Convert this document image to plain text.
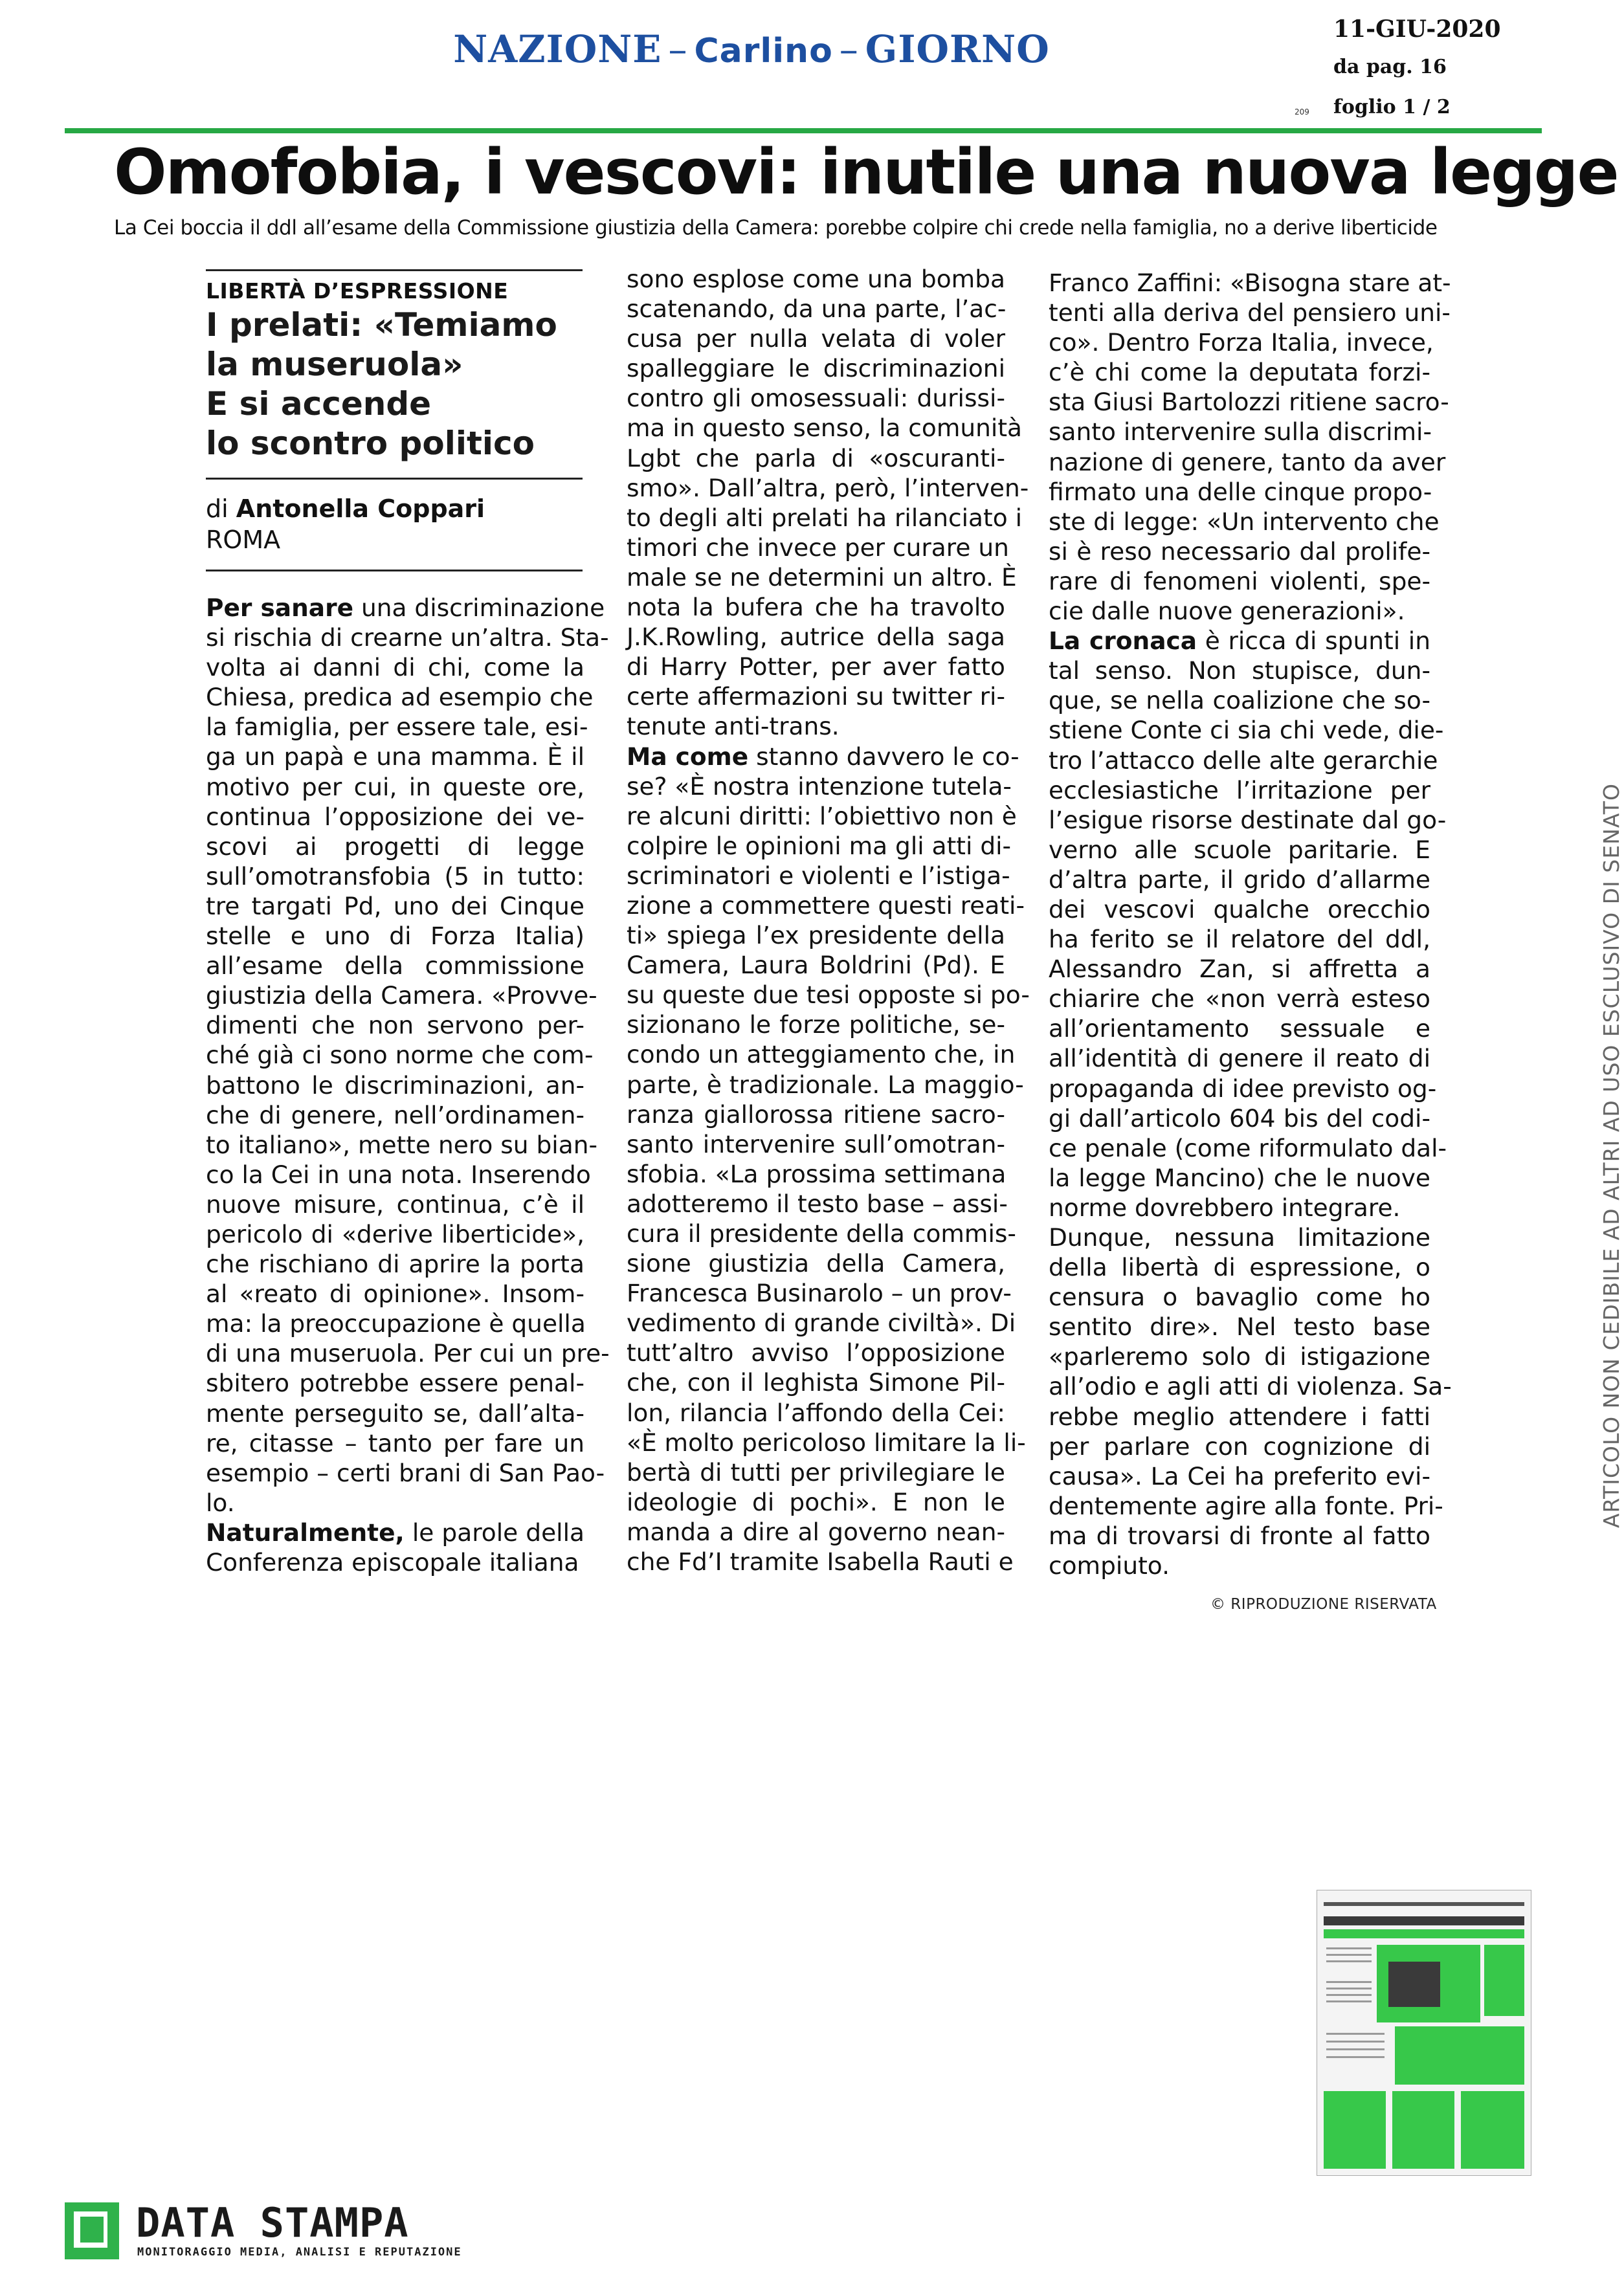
NAZIONE – Carlino – GIORNO	11-GIU-2020
da pag. 16
209 foglio 1 / 2
Omofobia, i vescovi: inutile una nuova legge
La Cei boccia il ddl all’esame della Commissione giustizia della Camera: porebbe colpire chi crede nella famiglia, no a derive liberticide
LIBERTÀ D’ESPRESSIONE
I prelati: «Temiamo
la museruola»
E si accende
lo scontro politico
di Antonella Coppari
ROMA
Per sanare una discriminazione
si rischia di crearne un’altra. Sta-
volta ai danni di chi, come la
Chiesa, predica ad esempio che
la famiglia, per essere tale, esi-
ga un papà e una mamma. È il
motivo per cui, in queste ore,
continua l’opposizione dei ve-
scovi ai progetti di legge
sull’omotransfobia (5 in tutto:
tre targati Pd, uno dei Cinque
stelle e uno di Forza Italia)
all’esame della commissione
giustizia della Camera. «Provve-
dimenti che non servono per-
ché già ci sono norme che com-
battono le discriminazioni, an-
che di genere, nell’ordinamen-
to italiano», mette nero su bian-
co la Cei in una nota. Inserendo
nuove misure, continua, c’è il
pericolo di «derive liberticide»,
che rischiano di aprire la porta
al «reato di opinione». Insom-
ma: la preoccupazione è quella
di una museruola. Per cui un pre-
sbitero potrebbe essere penal-
mente perseguito se, dall’alta-
re, citasse – tanto per fare un
esempio – certi brani di San Pao-
lo.
Naturalmente, le parole della
Conferenza episcopale italiana
sono esplose come una bomba
scatenando, da una parte, l’ac-
cusa per nulla velata di voler
spalleggiare le discriminazioni
contro gli omosessuali: durissi-
ma in questo senso, la comunità
Lgbt che parla di «oscuranti-
smo». Dall’altra, però, l’interven-
to degli alti prelati ha rilanciato i
timori che invece per curare un
male se ne determini un altro. È
nota la bufera che ha travolto
J.K.Rowling, autrice della saga
di Harry Potter, per aver fatto
certe affermazioni su twitter ri-
tenute anti-trans.
Ma come stanno davvero le co-
se? «È nostra intenzione tutela-
re alcuni diritti: l’obiettivo non è
colpire le opinioni ma gli atti di-
scriminatori e violenti e l’istiga-
zione a commettere questi reati-
ti» spiega l’ex presidente della
Camera, Laura Boldrini (Pd). E
su queste due tesi opposte si po-
sizionano le forze politiche, se-
condo un atteggiamento che, in
parte, è tradizionale. La maggio-
ranza giallorossa ritiene sacro-
santo intervenire sull’omotran-
sfobia. «La prossima settimana
adotteremo il testo base – assi-
cura il presidente della commis-
sione giustizia della Camera,
Francesca Businarolo – un prov-
vedimento di grande civiltà». Di
tutt’altro avviso l’opposizione
che, con il leghista Simone Pil-
lon, rilancia l’affondo della Cei:
«È molto pericoloso limitare la li-
bertà di tutti per privilegiare le
ideologie di pochi». E non le
manda a dire al governo nean-
che Fd’I tramite Isabella Rauti e
Franco Zaffini: «Bisogna stare at-
tenti alla deriva del pensiero uni-
co». Dentro Forza Italia, invece,
c’è chi come la deputata forzi-
sta Giusi Bartolozzi ritiene sacro-
santo intervenire sulla discrimi-
nazione di genere, tanto da aver
firmato una delle cinque propo-
ste di legge: «Un intervento che
si è reso necessario dal prolife-
rare di fenomeni violenti, spe-
cie dalle nuove generazioni».
La cronaca è ricca di spunti in
tal senso. Non stupisce, dun-
que, se nella coalizione che so-
stiene Conte ci sia chi vede, die-
tro l’attacco delle alte gerarchie
ecclesiastiche l’irritazione per
l’esigue risorse destinate dal go-
verno alle scuole paritarie. E
d’altra parte, il grido d’allarme
dei vescovi qualche orecchio
ha ferito se il relatore del ddl,
Alessandro Zan, si affretta a
chiarire che «non verrà esteso
all’orientamento sessuale e
all’identità di genere il reato di
propaganda di idee previsto og-
gi dall’articolo 604 bis del codi-
ce penale (come riformulato dal-
la legge Mancino) che le nuove
norme dovrebbero integrare.
Dunque, nessuna limitazione
della libertà di espressione, o
censura o bavaglio come ho
sentito dire». Nel testo base
«parleremo solo di istigazione
all’odio e agli atti di violenza. Sa-
rebbe meglio attendere i fatti
per parlare con cognizione di
causa». La Cei ha preferito evi-
dentemente agire alla fonte. Pri-
ma di trovarsi di fronte al fatto
compiuto.
© RIPRODUZIONE RISERVATA
ARTICOLO NON CEDIBILE AD ALTRI AD USO ESCLUSIVO DI SENATO
DATA STAMPA
MONITORAGGIO MEDIA, ANALISI E REPUTAZIONE
